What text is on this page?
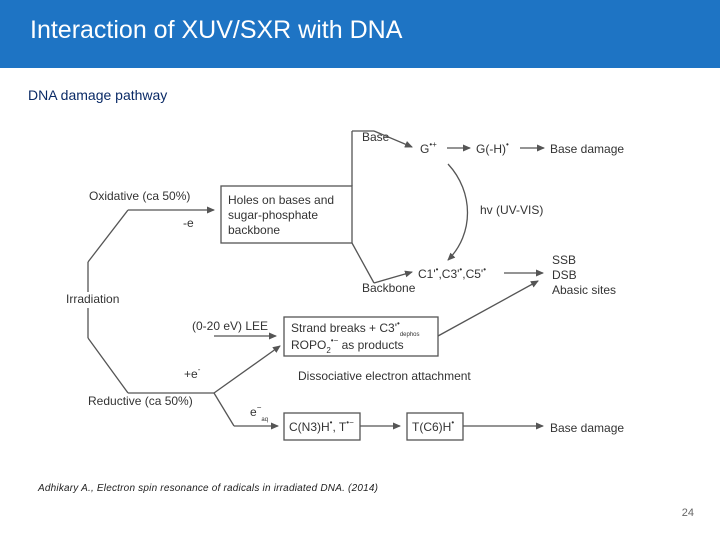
Interaction of XUV/SXR with DNA
DNA damage pathway
Irradiation
Oxidative (ca 50%)
-e
Holes on bases and
sugar-phosphate
backbone
Base
G•+	G(-H)•	Base damage
hv (UV-VIS)
Backbone
C1'•,C3'•,C5'•
SSB
DSB
Abasic sites
(0-20 eV) LEE Strand breaks + $C3'^•_{dephos}$
$ROPO_2^{•-}$ as products
Reductive (ca 50%)
+e-	Dissociative electron attachment
$e^-_{aq}$ C(N3)H•, T•−	T(C6)H•	Base damage
Adhikary A., Electron spin resonance of radicals in irradiated DNA. (2014)
24
